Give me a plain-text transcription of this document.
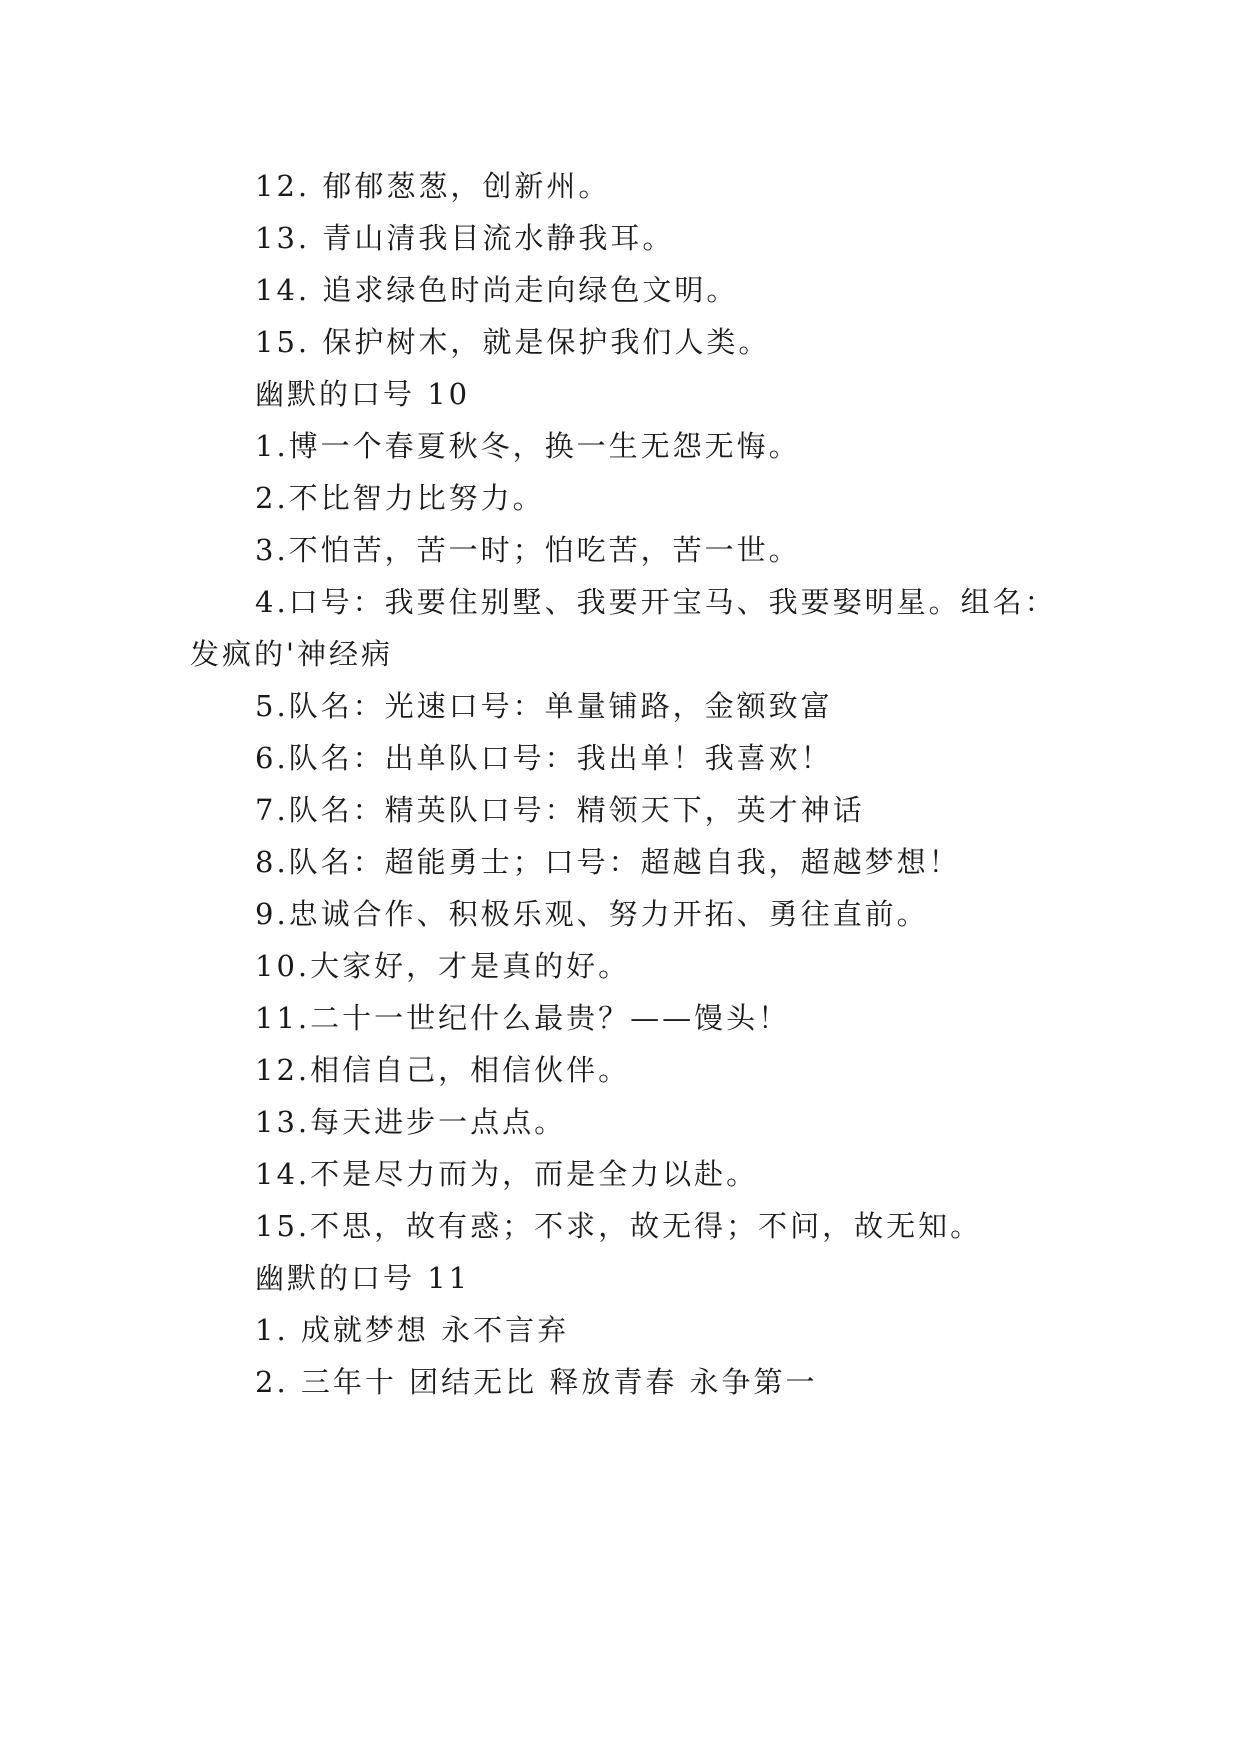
12. 郁郁葱葱，创新州。
13. 青山清我目流水静我耳。
14. 追求绿色时尚走向绿色文明。
15. 保护树木，就是保护我们人类。
幽默的口号 10
1.博一个春夏秋冬，换一生无怨无悔。
2.不比智力比努力。
3.不怕苦，苦一时；怕吃苦，苦一世。
4.口号：我要住别墅、我要开宝马、我要娶明星。组名：
发疯的'神经病
5.队名：光速口号：单量铺路，金额致富
6.队名：出单队口号：我出单！我喜欢！
7.队名：精英队口号：精领天下，英才神话
8.队名：超能勇士；口号：超越自我，超越梦想！
9.忠诚合作、积极乐观、努力开拓、勇往直前。
10.大家好，才是真的好。
11.二十一世纪什么最贵？——馒头！
12.相信自己，相信伙伴。
13.每天进步一点点。
14.不是尽力而为，而是全力以赴。
15.不思，故有惑；不求，故无得；不问，故无知。
幽默的口号 11
1. 成就梦想 永不言弃
2. 三年十 团结无比 释放青春 永争第一
